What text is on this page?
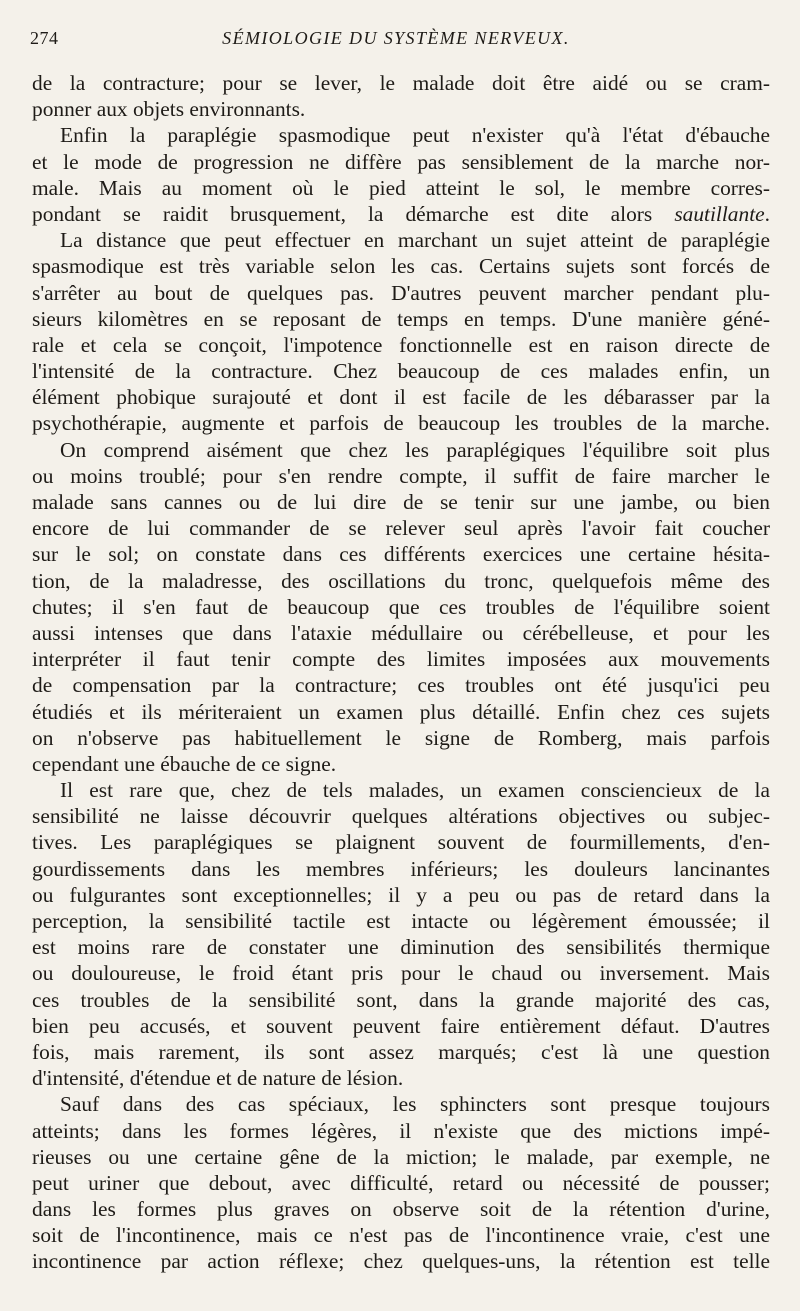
274	SÉMIOLOGIE DU SYSTÈME NERVEUX.
de la contracture; pour se lever, le malade doit être aidé ou se cram-
ponner aux objets environnants.
Enfin la paraplégie spasmodique peut n'exister qu'à l'état d'ébauche
et le mode de progression ne diffère pas sensiblement de la marche nor-
male. Mais au moment où le pied atteint le sol, le membre corres-
pondant se raidit brusquement, la démarche est dite alors sautillante.
La distance que peut effectuer en marchant un sujet atteint de paraplégie
spasmodique est très variable selon les cas. Certains sujets sont forcés de
s'arrêter au bout de quelques pas. D'autres peuvent marcher pendant plu-
sieurs kilomètres en se reposant de temps en temps. D'une manière géné-
rale et cela se conçoit, l'impotence fonctionnelle est en raison directe de
l'intensité de la contracture. Chez beaucoup de ces malades enfin, un
élément phobique surajouté et dont il est facile de les débarasser par la
psychothérapie, augmente et parfois de beaucoup les troubles de la marche.
On comprend aisément que chez les paraplégiques l'équilibre soit plus
ou moins troublé; pour s'en rendre compte, il suffit de faire marcher le
malade sans cannes ou de lui dire de se tenir sur une jambe, ou bien
encore de lui commander de se relever seul après l'avoir fait coucher
sur le sol; on constate dans ces différents exercices une certaine hésita-
tion, de la maladresse, des oscillations du tronc, quelquefois même des
chutes; il s'en faut de beaucoup que ces troubles de l'équilibre soient
aussi intenses que dans l'ataxie médullaire ou cérébelleuse, et pour les
interpréter il faut tenir compte des limites imposées aux mouvements
de compensation par la contracture; ces troubles ont été jusqu'ici peu
étudiés et ils mériteraient un examen plus détaillé. Enfin chez ces sujets
on n'observe pas habituellement le signe de Romberg, mais parfois
cependant une ébauche de ce signe.
Il est rare que, chez de tels malades, un examen consciencieux de la
sensibilité ne laisse découvrir quelques altérations objectives ou subjec-
tives. Les paraplégiques se plaignent souvent de fourmillements, d'en-
gourdissements dans les membres inférieurs; les douleurs lancinantes
ou fulgurantes sont exceptionnelles; il y a peu ou pas de retard dans la
perception, la sensibilité tactile est intacte ou légèrement émoussée; il
est moins rare de constater une diminution des sensibilités thermique
ou douloureuse, le froid étant pris pour le chaud ou inversement. Mais
ces troubles de la sensibilité sont, dans la grande majorité des cas,
bien peu accusés, et souvent peuvent faire entièrement défaut. D'autres
fois, mais rarement, ils sont assez marqués; c'est là une question
d'intensité, d'étendue et de nature de lésion.
Sauf dans des cas spéciaux, les sphincters sont presque toujours
atteints; dans les formes légères, il n'existe que des mictions impé-
rieuses ou une certaine gêne de la miction; le malade, par exemple, ne
peut uriner que debout, avec difficulté, retard ou nécessité de pousser;
dans les formes plus graves on observe soit de la rétention d'urine,
soit de l'incontinence, mais ce n'est pas de l'incontinence vraie, c'est une
incontinence par action réflexe; chez quelques-uns, la rétention est telle
